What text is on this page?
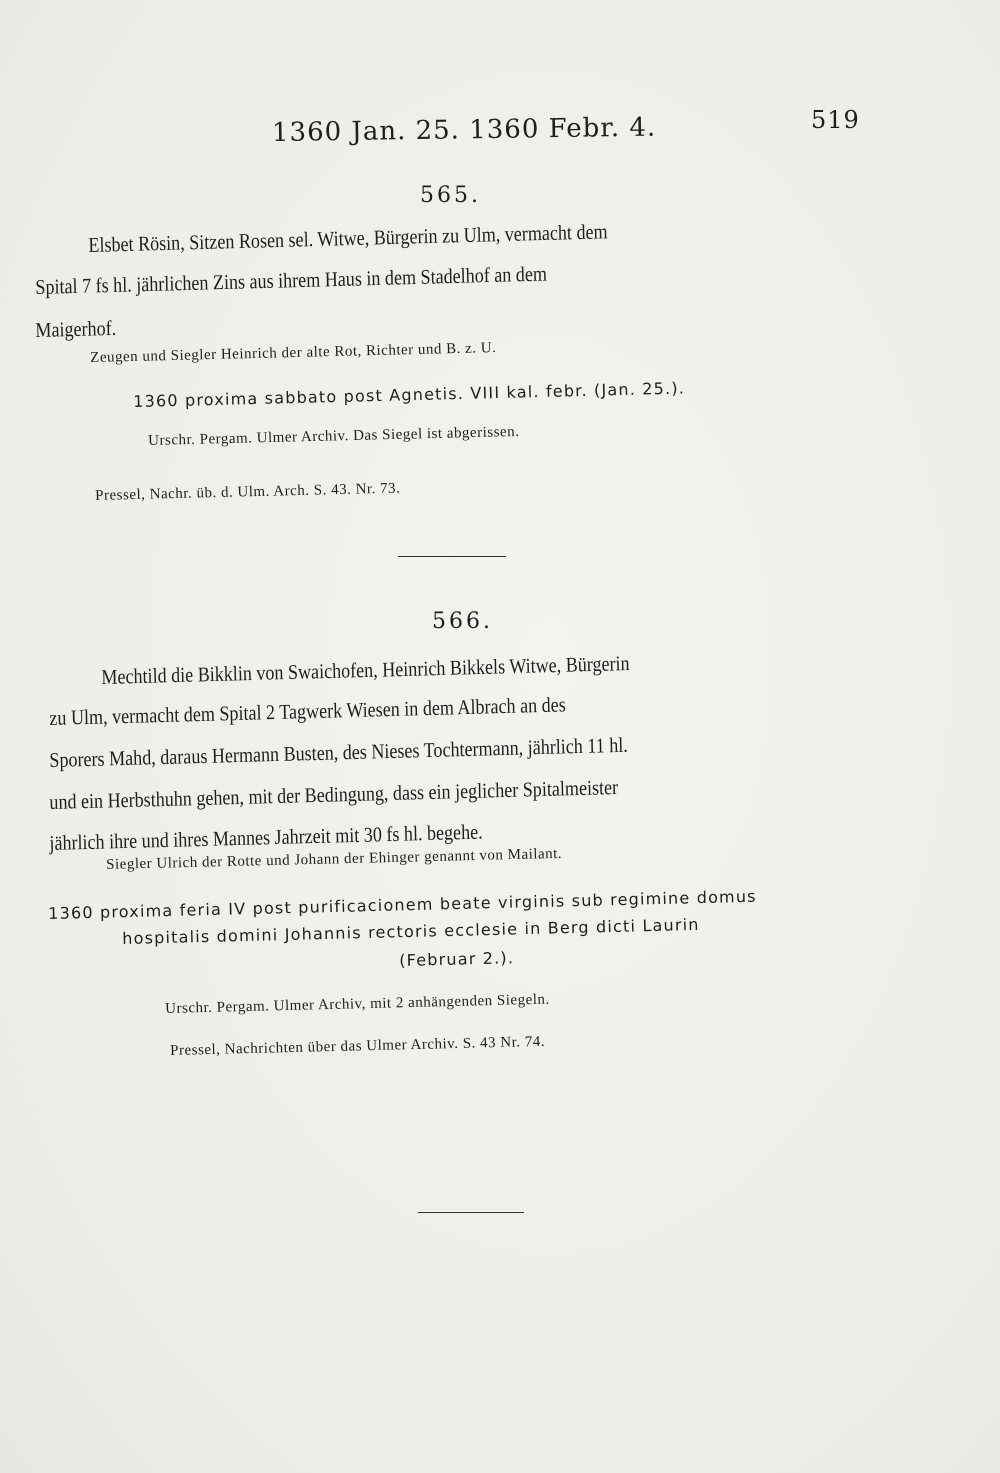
1360 Jan. 25. 1360 Febr. 4.	519
565.
Elsbet Rösin, Sitzen Rosen sel. Witwe, Bürgerin zu Ulm, vermacht dem
Spital 7 fs hl. jährlichen Zins aus ihrem Haus in dem Stadelhof an dem
Maigerhof.
Zeugen und Siegler Heinrich der alte Rot, Richter und B. z. U.
1360 proxima sabbato post Agnetis. VIII kal. febr. (Jan. 25.).
Urschr. Pergam. Ulmer Archiv. Das Siegel ist abgerissen.
Pressel, Nachr. üb. d. Ulm. Arch. S. 43. Nr. 73.
566.
Mechtild die Bikklin von Swaichofen, Heinrich Bikkels Witwe, Bürgerin
zu Ulm, vermacht dem Spital 2 Tagwerk Wiesen in dem Albrach an des
Sporers Mahd, daraus Hermann Busten, des Nieses Tochtermann, jährlich 11 hl.
und ein Herbsthuhn gehen, mit der Bedingung, dass ein jeglicher Spitalmeister
jährlich ihre und ihres Mannes Jahrzeit mit 30 fs hl. begehe.
Siegler Ulrich der Rotte und Johann der Ehinger genannt von Mailant.
1360 proxima feria IV post purificacionem beate virginis sub regimine domus
hospitalis domini Johannis rectoris ecclesie in Berg dicti Laurin
(Februar 2.).
Urschr. Pergam. Ulmer Archiv, mit 2 anhängenden Siegeln.
Pressel, Nachrichten über das Ulmer Archiv. S. 43 Nr. 74.
